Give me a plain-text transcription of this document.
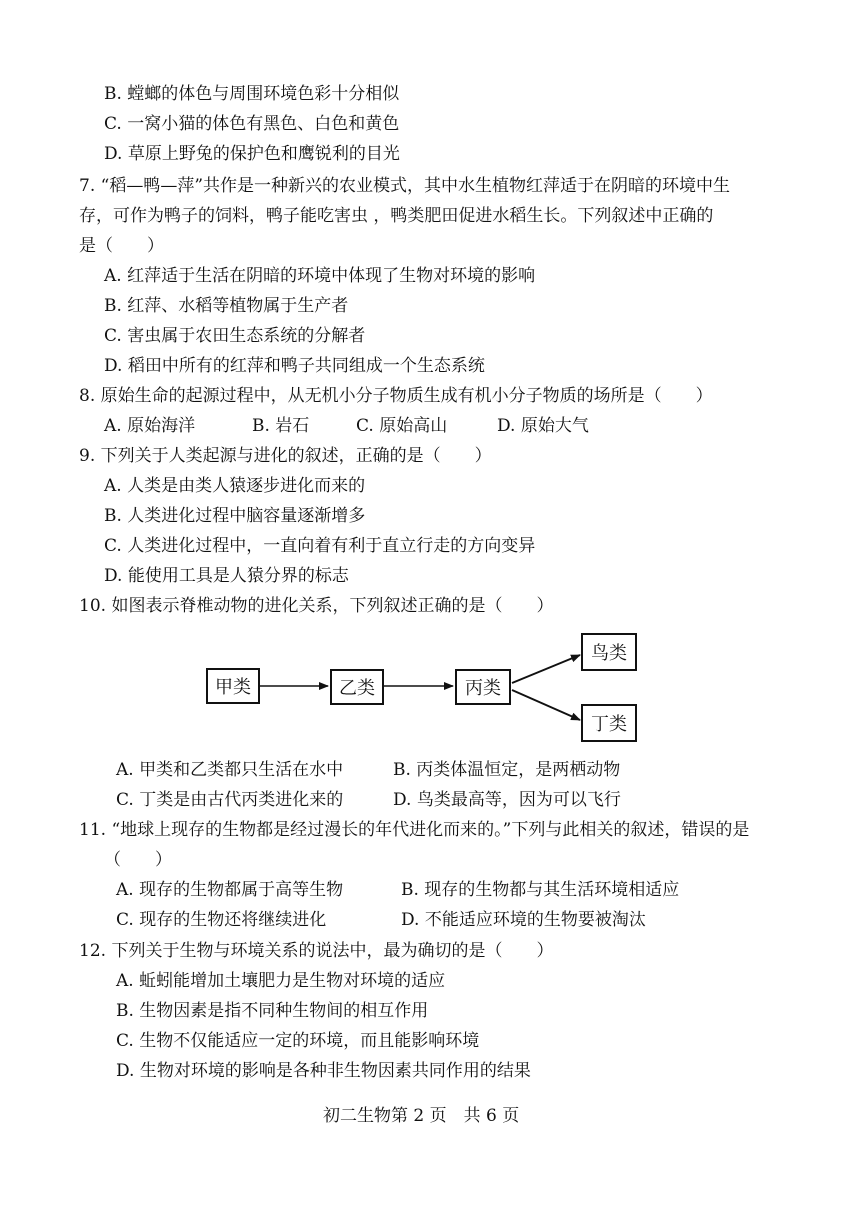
B. 螳螂的体色与周围环境色彩十分相似
C. 一窝小猫的体色有黑色、白色和黄色
D. 草原上野兔的保护色和鹰锐利的目光
7. “稻—鸭—萍”共作是一种新兴的农业模式，其中水生植物红萍适于在阴暗的环境中生
存，可作为鸭子的饲料，鸭子能吃害虫 ，鸭类肥田促进水稻生长。下列叙述中正确的
是（　　）
A. 红萍适于生活在阴暗的环境中体现了生物对环境的影响
B. 红萍、水稻等植物属于生产者
C. 害虫属于农田生态系统的分解者
D. 稻田中所有的红萍和鸭子共同组成一个生态系统
8. 原始生命的起源过程中，从无机小分子物质生成有机小分子物质的场所是（　　）
A. 原始海洋	B. 岩石	C. 原始高山	D. 原始大气
9. 下列关于人类起源与进化的叙述，正确的是（　　）
A. 人类是由类人猿逐步进化而来的
B. 人类进化过程中脑容量逐渐增多
C. 人类进化过程中，一直向着有利于直立行走的方向变异
D. 能使用工具是人猿分界的标志
10. 如图表示脊椎动物的进化关系，下列叙述正确的是（　　）
甲类	乙类	丙类
鸟类
丁类
A. 甲类和乙类都只生活在水中	B. 丙类体温恒定，是两栖动物
C. 丁类是由古代丙类进化来的	D. 鸟类最高等，因为可以飞行
11. “地球上现存的生物都是经过漫长的年代进化而来的。”下列与此相关的叙述，错误的是
（　　）
A. 现存的生物都属于高等生物	B. 现存的生物都与其生活环境相适应
C. 现存的生物还将继续进化	D. 不能适应环境的生物要被淘汰
12. 下列关于生物与环境关系的说法中，最为确切的是（　　）
A. 蚯蚓能增加土壤肥力是生物对环境的适应
B. 生物因素是指不同种生物间的相互作用
C. 生物不仅能适应一定的环境，而且能影响环境
D. 生物对环境的影响是各种非生物因素共同作用的结果
初二生物第 2 页　共 6 页
